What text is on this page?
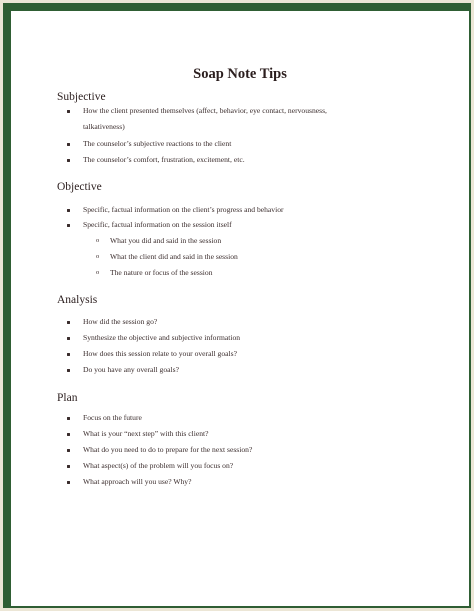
Soap Note Tips
Subjective
How the client presented themselves (affect, behavior, eye contact, nervousness,
talkativeness)
The counselor’s subjective reactions to the client
The counselor’s comfort, frustration, excitement, etc.
Objective
Specific, factual information on the client’s progress and behavior
Specific, factual information on the session itself
o What you did and said in the session
o What the client did and said in the session
o The nature or focus of the session
Analysis
How did the session go?
Synthesize the objective and subjective information
How does this session relate to your overall goals?
Do you have any overall goals?
Plan
Focus on the future
What is your “next step” with this client?
What do you need to do to prepare for the next session?
What aspect(s) of the problem will you focus on?
What approach will you use? Why?
